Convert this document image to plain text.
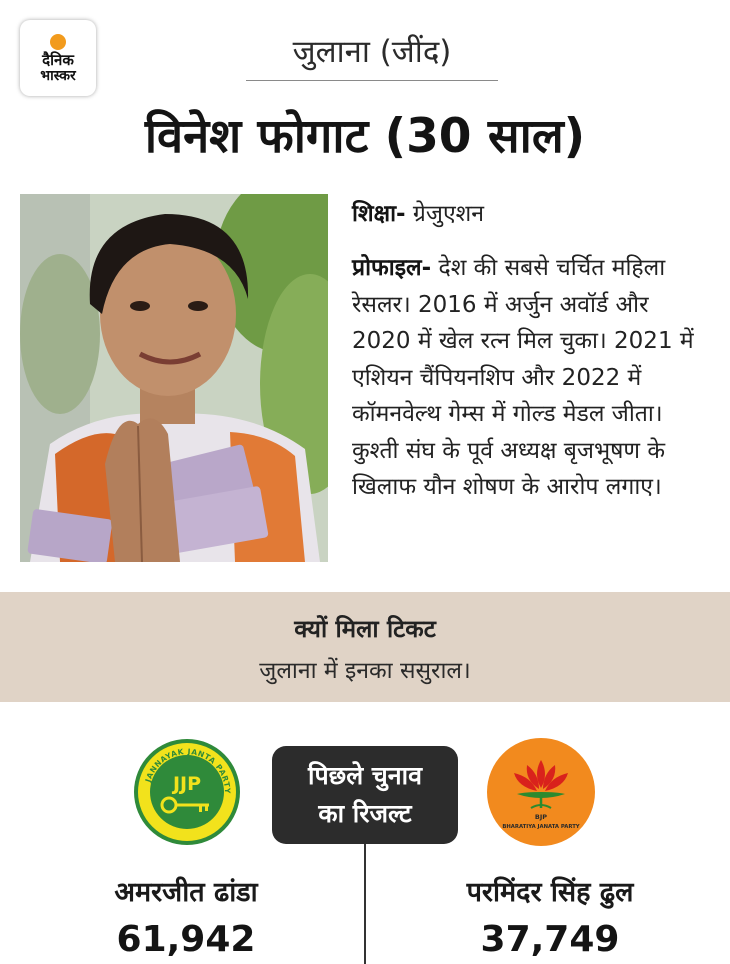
दैनिक
भास्कर
जुलाना (जींद)
विनेश फोगाट (30 साल)

शिक्षा- ग्रेजुएशन

प्रोफाइल- देश की सबसे चर्चित महिला रेसलर। 2016 में अर्जुन अवॉर्ड और 2020 में खेल रत्न मिल चुका। 2021 में एशियन चैंपियनशिप और 2022 में कॉमनवेल्थ गेम्स में गोल्ड मेडल जीता। कुश्ती संघ के पूर्व अध्यक्ष बृजभूषण के खिलाफ यौन शोषण के आरोप लगाए।

क्यों मिला टिकट
जुलाना में इनका ससुराल।
JANNAYAK JANTA PARTY
JJP	पिछले चुनाव
का रिजल्ट	BJP
BHARATIYA JANATA PARTY
अमरजीत ढांडा
61,942
परमिंदर सिंह ढुल
37,749
